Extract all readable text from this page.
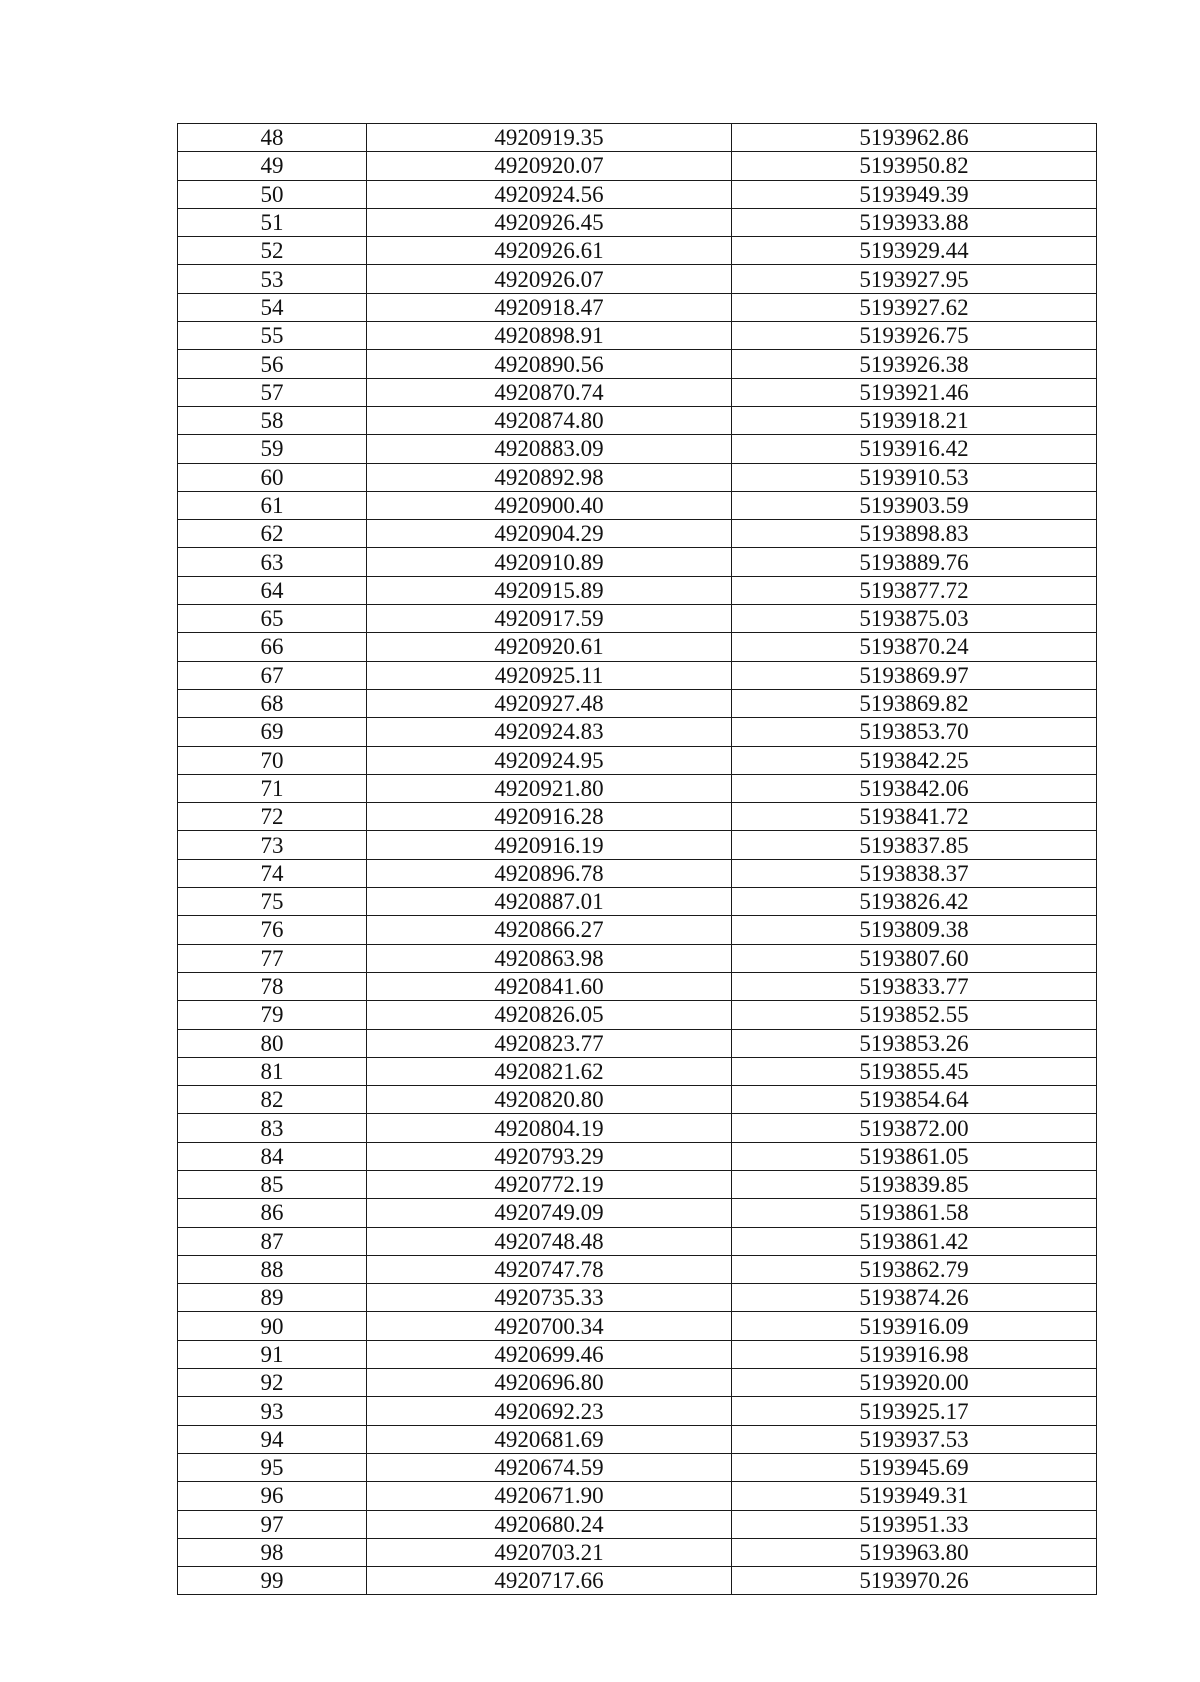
48	4920919.35	5193962.86
49	4920920.07	5193950.82
50	4920924.56	5193949.39
51	4920926.45	5193933.88
52	4920926.61	5193929.44
53	4920926.07	5193927.95
54	4920918.47	5193927.62
55	4920898.91	5193926.75
56	4920890.56	5193926.38
57	4920870.74	5193921.46
58	4920874.80	5193918.21
59	4920883.09	5193916.42
60	4920892.98	5193910.53
61	4920900.40	5193903.59
62	4920904.29	5193898.83
63	4920910.89	5193889.76
64	4920915.89	5193877.72
65	4920917.59	5193875.03
66	4920920.61	5193870.24
67	4920925.11	5193869.97
68	4920927.48	5193869.82
69	4920924.83	5193853.70
70	4920924.95	5193842.25
71	4920921.80	5193842.06
72	4920916.28	5193841.72
73	4920916.19	5193837.85
74	4920896.78	5193838.37
75	4920887.01	5193826.42
76	4920866.27	5193809.38
77	4920863.98	5193807.60
78	4920841.60	5193833.77
79	4920826.05	5193852.55
80	4920823.77	5193853.26
81	4920821.62	5193855.45
82	4920820.80	5193854.64
83	4920804.19	5193872.00
84	4920793.29	5193861.05
85	4920772.19	5193839.85
86	4920749.09	5193861.58
87	4920748.48	5193861.42
88	4920747.78	5193862.79
89	4920735.33	5193874.26
90	4920700.34	5193916.09
91	4920699.46	5193916.98
92	4920696.80	5193920.00
93	4920692.23	5193925.17
94	4920681.69	5193937.53
95	4920674.59	5193945.69
96	4920671.90	5193949.31
97	4920680.24	5193951.33
98	4920703.21	5193963.80
99	4920717.66	5193970.26
